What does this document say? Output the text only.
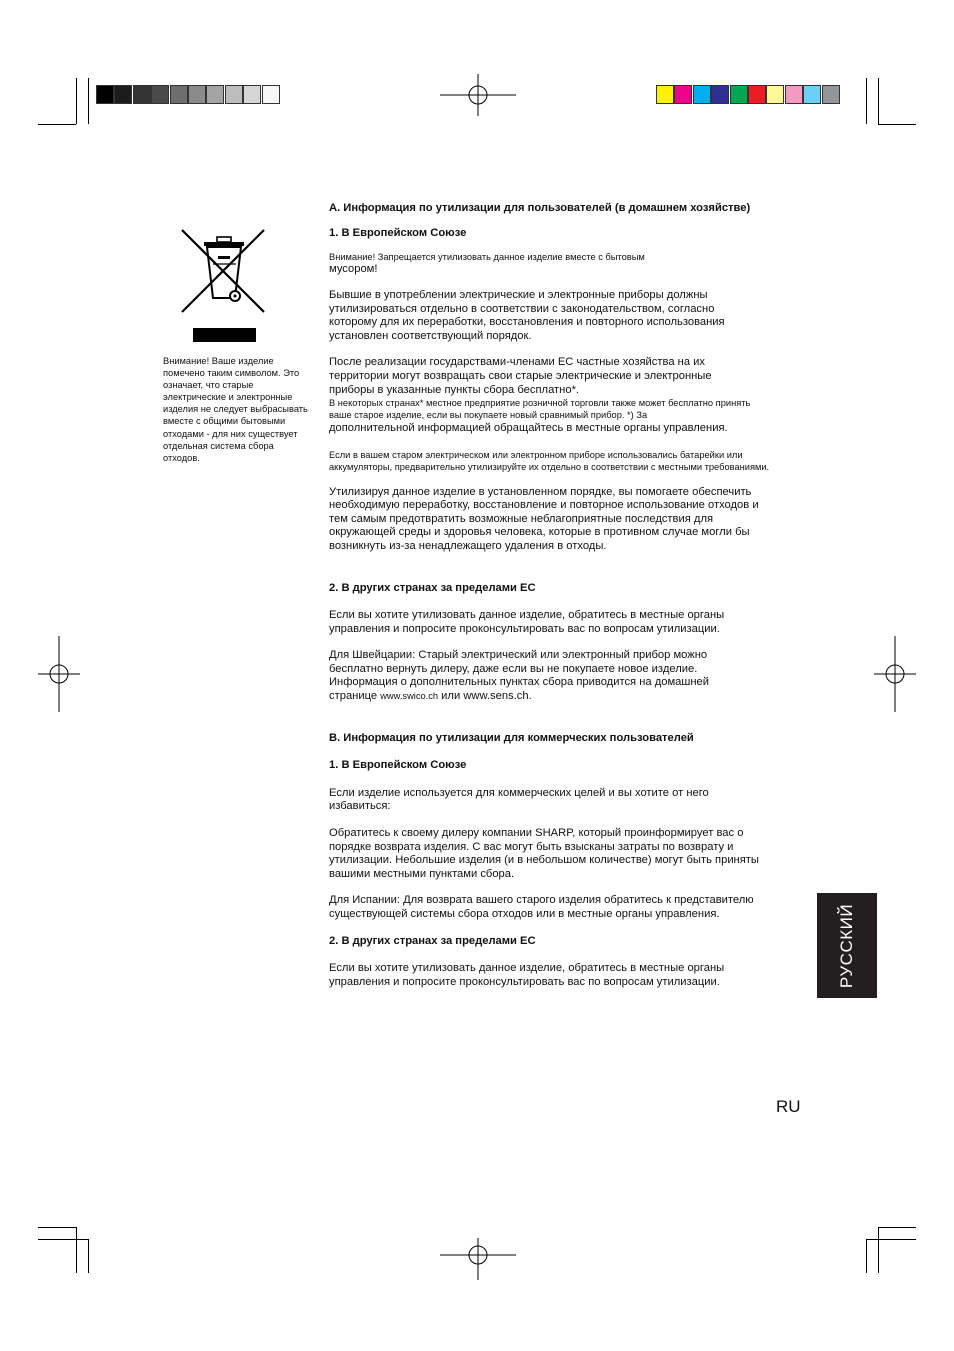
Внимание! Ваше изделие помечено таким символом. Это означает, что старые электрические и электронные изделия не следует выбрасывать вместе с общими бытовыми отходами - для них существует отдельная система сбора отходов.

A. Информация по утилизации для пользователей (в домашнем хозяйстве)

1. В Европейском Союзе

Внимание! Запрещается утилизовать данное изделие вместе с бытовым

мусором!

Бывшие в употреблении электрические и электронные приборы должны утилизироваться отдельно в соответствии с законодательством, согласно которому для их переработки, восстановления и повторного использования установлен соответствующий порядок.

После реализации государствами-членами ЕС частные хозяйства на их территории могут возвращать свои старые электрические и электронные приборы в указанные пункты сбора бесплатно*.

В некоторых странах* местное предприятие розничной торговли также может бесплатно принять ваше старое изделие, если вы покупаете новый сравнимый прибор. *) За

дополнительной информацией обращайтесь в местные органы управления.

Если в вашем старом электрическом или электронном приборе использовались батарейки или аккумуляторы, предварительно утилизируйте их отдельно в соответствии с местными требованиями.

Утилизируя данное изделие в установленном порядке, вы помогаете обеспечить необходимую переработку, восстановление и повторное использование отходов и тем самым предотвратить возможные неблагоприятные последствия для окружающей среды и здоровья человека, которые в противном случае могли бы возникнуть из-за ненадлежащего удаления в отходы.

2. В других странах за пределами ЕС

Если вы хотите утилизовать данное изделие, обратитесь в местные органы управления и попросите проконсультировать вас по вопросам утилизации.

Для Швейцарии: Старый электрический или электронный прибор можно бесплатно вернуть дилеру, даже если вы не покупаете новое изделие. Информация о дополнительных пунктах сбора приводится на домашней
странице www.swico.ch или www.sens.ch.

B. Информация по утилизации для коммерческих пользователей

1. В Европейском Союзе

Если изделие используется для коммерческих целей и вы хотите от него избавиться:

Обратитесь к своему дилеру компании SHARP, который проинформирует вас о порядке возврата изделия. С вас могут быть взысканы затраты по возврату и утилизации. Небольшие изделия (и в небольшом количестве) могут быть приняты вашими местными пунктами сбора.

Для Испании: Для возврата вашего старого изделия обратитесь к представителю существующей системы сбора отходов или в местные органы управления.

2. В других странах за пределами ЕС

Если вы хотите утилизовать данное изделие, обратитесь в местные органы управления и попросите проконсультировать вас по вопросам утилизации.	РУССКИЙ
RU
